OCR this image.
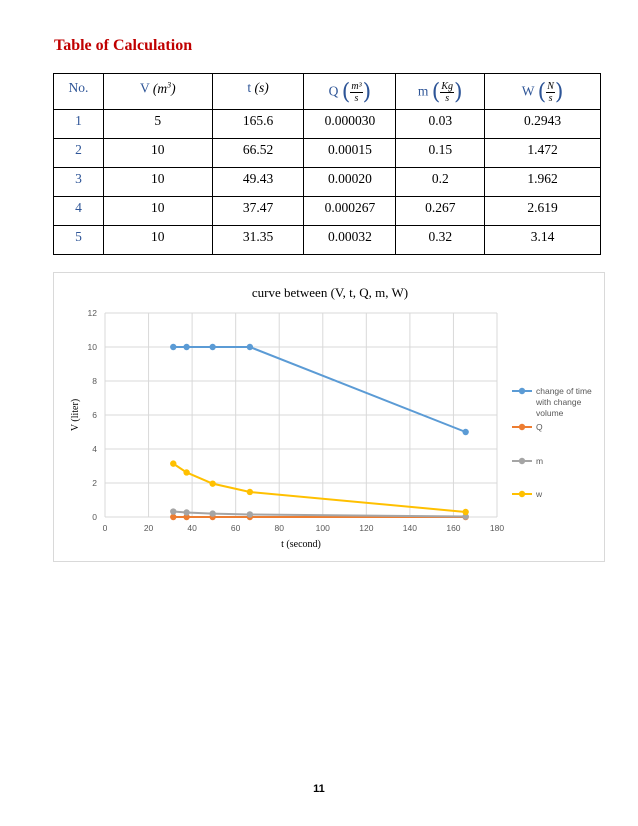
Table of Calculation
No.	V $(m^3)$	t (s)	Q ( $\frac{\text{m³}}{s}$ )	m ( $\frac{Kg}{s}$ )	W ( $\frac{N}{s}$ )
1	5	165.6	0.000030	0.03	0.2943
2	10	66.52	0.00015	0.15	1.472
3	10	49.43	0.00020	0.2	1.962
4	10	37.47	0.000267	0.267	2.619
5	10	31.35	0.00032	0.32	3.14
0	20	40	60	80	100	120	140	160	180
0
2
4
6
8
10
12
curve between (V, t, Q, m, W)
t (second)
V (liter)
change of time
with change
volume
Q
m
w
11
